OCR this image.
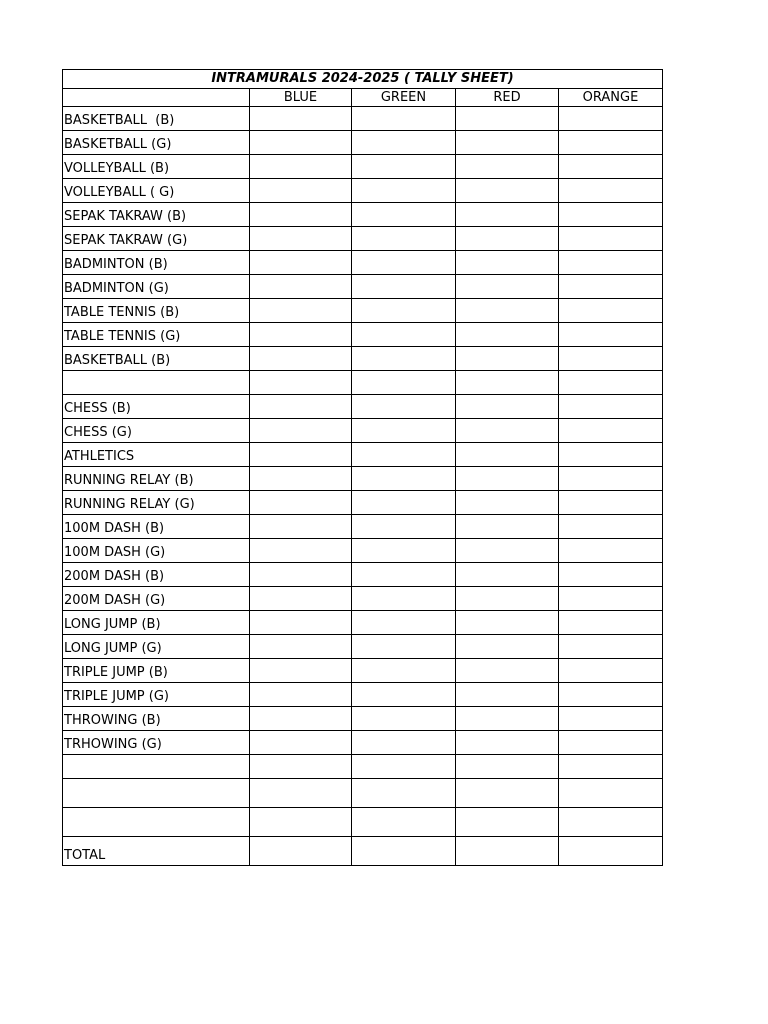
INTRAMURALS 2024-2025 ( TALLY SHEET)				
	BLUE	GREEN	RED	ORANGE
BASKETBALL  (B)				
BASKETBALL (G)				
VOLLEYBALL (B)				
VOLLEYBALL ( G)				
SEPAK TAKRAW (B)				
SEPAK TAKRAW (G)				
BADMINTON (B)				
BADMINTON (G)				
TABLE TENNIS (B)				
TABLE TENNIS (G)				
BASKETBALL (B)				

CHESS (B)				
CHESS (G)				
ATHLETICS				
RUNNING RELAY (B)				
RUNNING RELAY (G)				
100M DASH (B)				
100M DASH (G)				
200M DASH (B)				
200M DASH (G)				
LONG JUMP (B)				
LONG JUMP (G)				
TRIPLE JUMP (B)				
TRIPLE JUMP (G)				
THROWING (B)				
TRHOWING (G)				

TOTAL				
